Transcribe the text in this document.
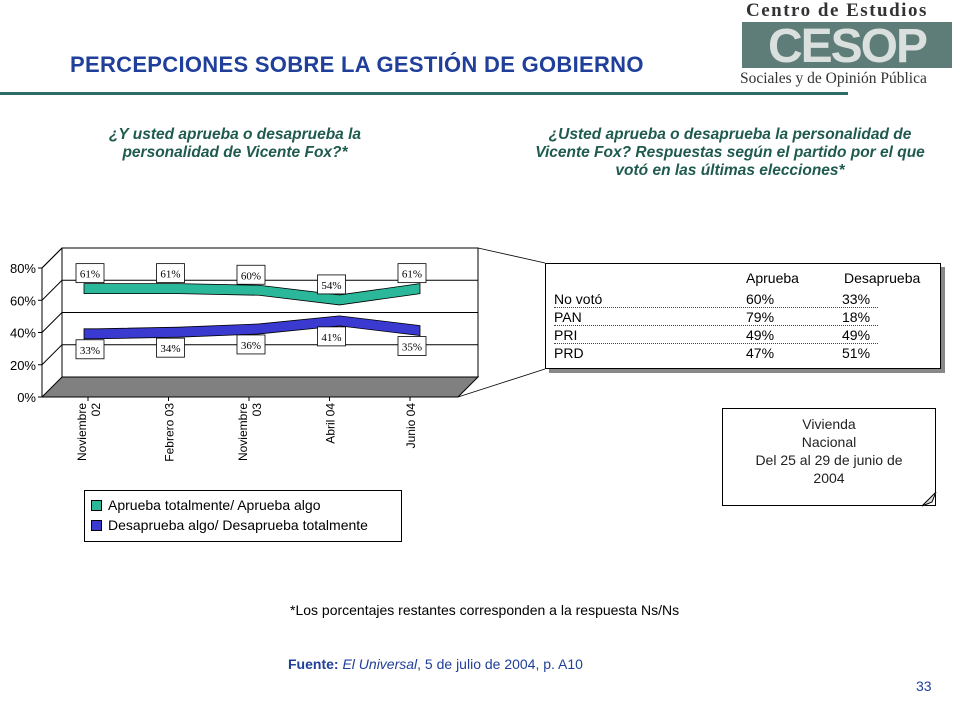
PERCEPCIONES SOBRE LA GESTIÓN DE GOBIERNO
Centro de Estudios
CESOP
Sociales y de Opinión Pública
¿Y usted aprueba o desaprueba la personalidad de Vicente Fox?*
¿Usted aprueba o desaprueba la personalidad de Vicente Fox? Respuestas según el partido por el que votó en las últimas elecciones*
0%
20%
40%
60%
80%
Noviembre 02	Febrero 03	Noviembre 03	Abril 04	Junio 04
61%	61%	60%
54%
61%
33%	34%	36%
41%
35%
Aprueba totalmente/ Aprueba algo
Desaprueba algo/ Desaprueba totalmente
Aprueba	Desaprueba
No votó	60%	33%
PAN	79%	18%
PRI	49%	49%
PRD	47%	51%
Vivienda
Nacional
Del 25 al 29 de junio de
2004
*Los porcentajes restantes corresponden a la respuesta Ns/Ns
Fuente: El Universal, 5 de julio de 2004, p. A10
33
